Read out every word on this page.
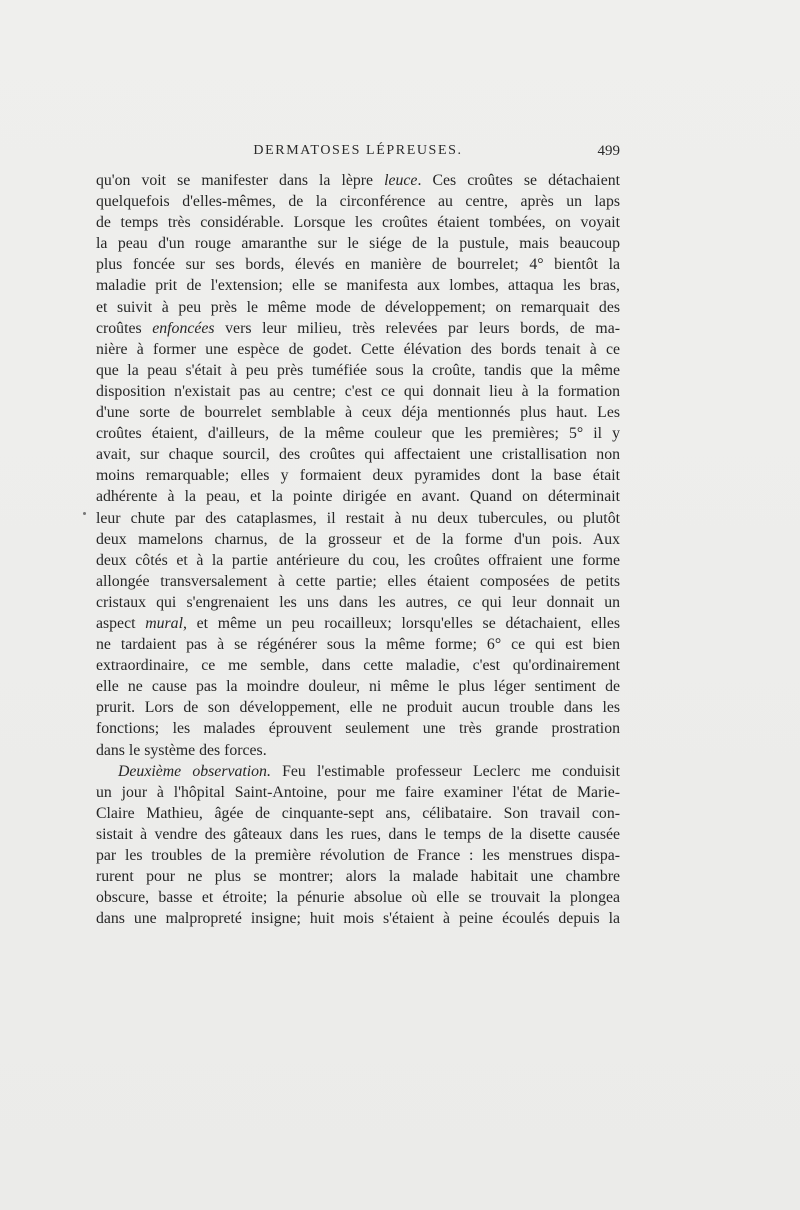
DERMATOSES LÉPREUSES.	499
qu'on voit se manifester dans la lèpre leuce. Ces croûtes se détachaient
quelquefois d'elles-mêmes, de la circonférence au centre, après un laps
de temps très considérable. Lorsque les croûtes étaient tombées, on voyait
la peau d'un rouge amaranthe sur le siége de la pustule, mais beaucoup
plus foncée sur ses bords, élevés en manière de bourrelet; 4° bientôt la
maladie prit de l'extension; elle se manifesta aux lombes, attaqua les bras,
et suivit à peu près le même mode de développement; on remarquait des
croûtes enfoncées vers leur milieu, très relevées par leurs bords, de ma-
nière à former une espèce de godet. Cette élévation des bords tenait à ce
que la peau s'était à peu près tuméfiée sous la croûte, tandis que la même
disposition n'existait pas au centre; c'est ce qui donnait lieu à la formation
d'une sorte de bourrelet semblable à ceux déja mentionnés plus haut. Les
croûtes étaient, d'ailleurs, de la même couleur que les premières; 5° il y
avait, sur chaque sourcil, des croûtes qui affectaient une cristallisation non
moins remarquable; elles y formaient deux pyramides dont la base était
adhérente à la peau, et la pointe dirigée en avant. Quand on déterminait
leur chute par des cataplasmes, il restait à nu deux tubercules, ou plutôt
deux mamelons charnus, de la grosseur et de la forme d'un pois. Aux
deux côtés et à la partie antérieure du cou, les croûtes offraient une forme
allongée transversalement à cette partie; elles étaient composées de petits
cristaux qui s'engrenaient les uns dans les autres, ce qui leur donnait un
aspect mural, et même un peu rocailleux; lorsqu'elles se détachaient, elles
ne tardaient pas à se régénérer sous la même forme; 6° ce qui est bien
extraordinaire, ce me semble, dans cette maladie, c'est qu'ordinairement
elle ne cause pas la moindre douleur, ni même le plus léger sentiment de
prurit. Lors de son développement, elle ne produit aucun trouble dans les
fonctions; les malades éprouvent seulement une très grande prostration
dans le système des forces.
Deuxième observation. Feu l'estimable professeur Leclerc me conduisit
un jour à l'hôpital Saint-Antoine, pour me faire examiner l'état de Marie-
Claire Mathieu, âgée de cinquante-sept ans, célibataire. Son travail con-
sistait à vendre des gâteaux dans les rues, dans le temps de la disette causée
par les troubles de la première révolution de France : les menstrues dispa-
rurent pour ne plus se montrer; alors la malade habitait une chambre
obscure, basse et étroite; la pénurie absolue où elle se trouvait la plongea
dans une malpropreté insigne; huit mois s'étaient à peine écoulés depuis la
